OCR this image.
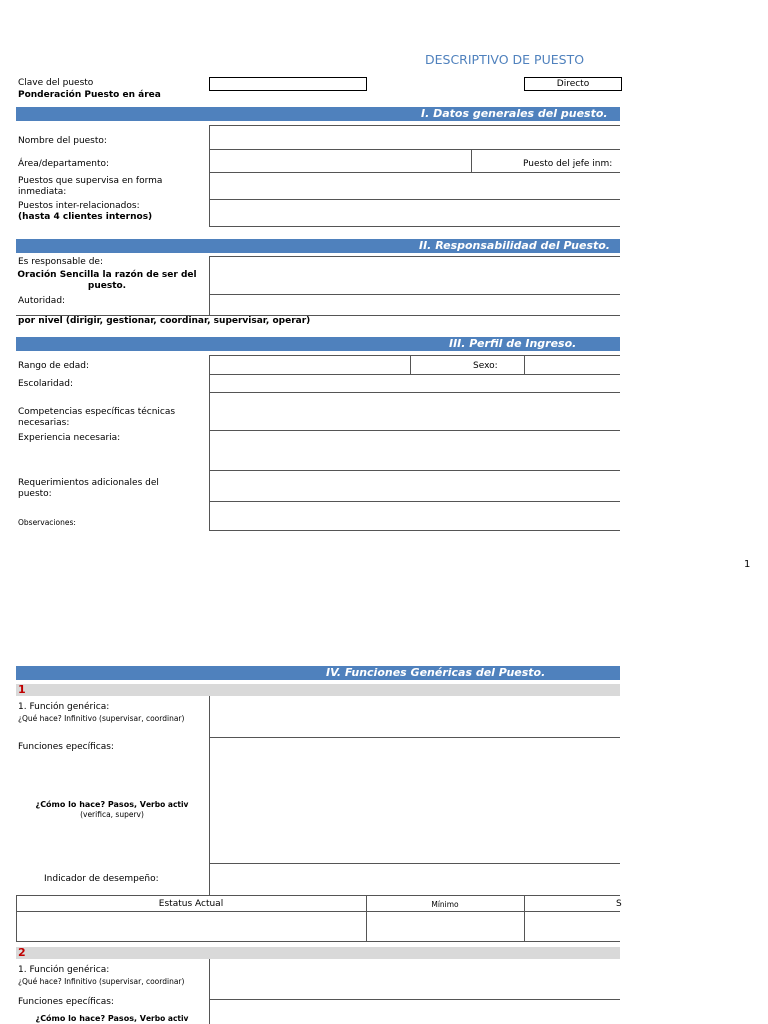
DESCRIPTIVO DE PUESTO
Clave del puesto
Ponderación Puesto en área
Directo
I. Datos generales del puesto.
Nombre del puesto:
Área/departamento:	Puesto del jefe inm:
Puestos que supervisa en forma inmediata:
Puestos inter-relacionados:
(hasta 4 clientes internos)
II. Responsabilidad del Puesto.
Es responsable de:
Oración Sencilla la razón de ser del puesto.
Autoridad:
por nivel (dirigir, gestionar, coordinar, supervisar, operar)
III. Perfil de Ingreso.
Rango de edad:	Sexo:
Escolaridad:
Competencias específicas técnicas necesarias:
Experiencia necesaria:
Requerimientos adicionales del puesto:
Observaciones:
1
IV. Funciones Genéricas del Puesto.
1
1. Función genérica:
¿Qué hace? Infinitivo (supervisar, coordinar)
Funciones epecíficas:
¿Cómo lo hace? Pasos, Verbo activ
(verifica, superv)
Indicador de desempeño:
Estatus Actual	Mínimo	S
2
1. Función genérica:
¿Qué hace? Infinitivo (supervisar, coordinar)
Funciones epecíficas:
¿Cómo lo hace? Pasos, Verbo activ
